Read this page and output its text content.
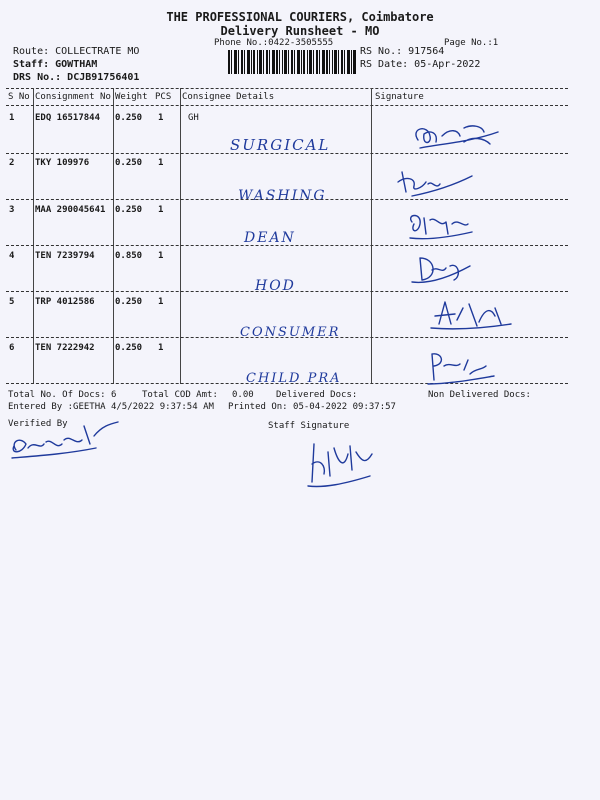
THE PROFESSIONAL COURIERS, Coimbatore
Delivery Runsheet - MO
Phone No.:0422-3505555	Page No.:1
Route: COLLECTRATE MO
Staff: GOWTHAM
DRS No.: DCJB91756401
RS No.: 917564
RS Date: 05-Apr-2022
S No Consignment No Weight PCS Consignee Details	Signature
1 EDQ 16517844 0.250 1	GH
SURGICAL
2 TKY 109976	0.250 1
WASHING
3 MAA 290045641 0.250 1
DEAN
4 TEN 7239794 0.850 1
HOD
5 TRP 4012586 0.250 1
CONSUMER
6 TEN 7222942 0.250 1
CHILD PRA
Total No. Of Docs: 6	Total COD Amt: 0.00 Delivered Docs:	Non Delivered Docs:
Entered By :GEETHA 4/5/2022 9:37:54 AM Printed On: 05-04-2022 09:37:57
Verified By	Staff Signature
